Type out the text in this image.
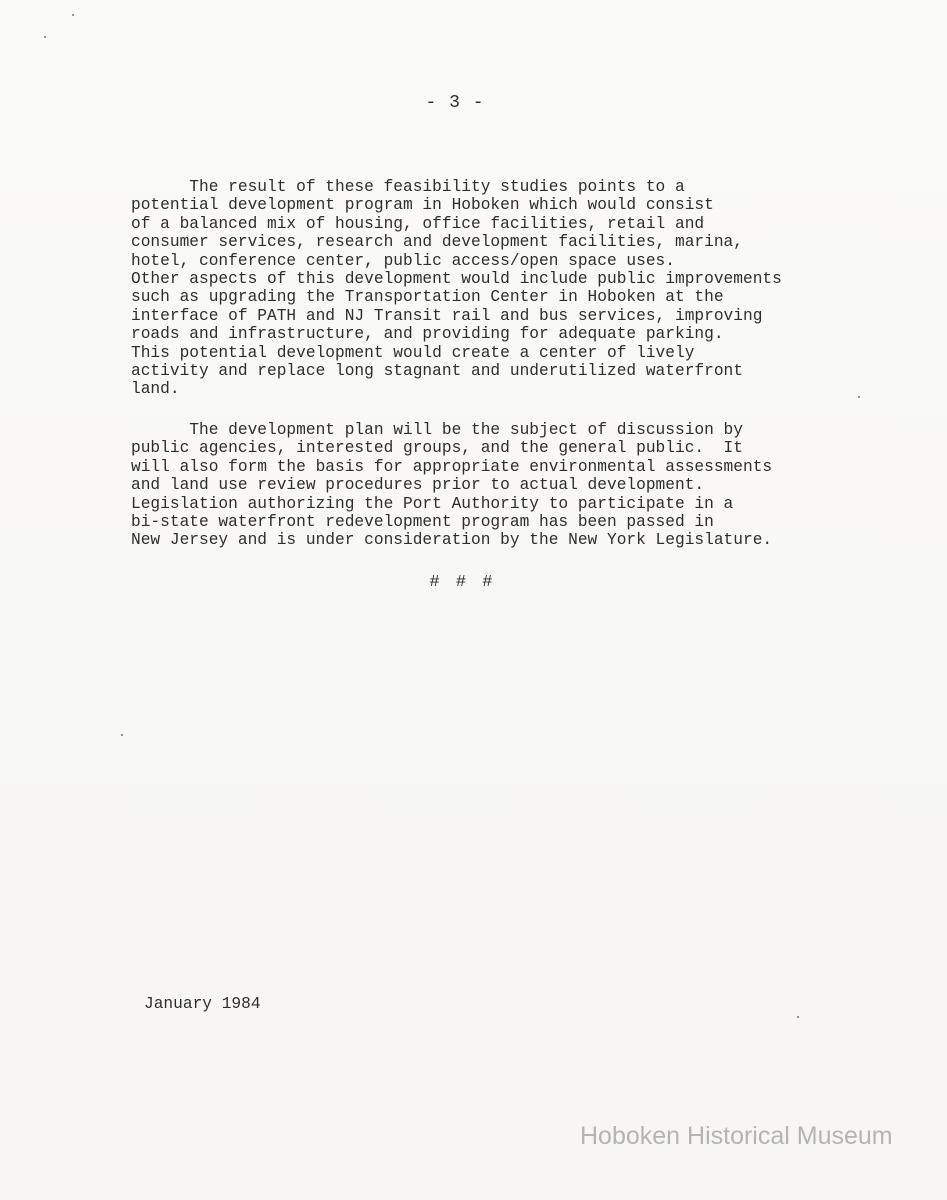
- 3 -
The result of these feasibility studies points to a
potential development program in Hoboken which would consist
of a balanced mix of housing, office facilities, retail and
consumer services, research and development facilities, marina,
hotel, conference center, public access/open space uses.
Other aspects of this development would include public improvements
such as upgrading the Transportation Center in Hoboken at the
interface of PATH and NJ Transit rail and bus services, improving
roads and infrastructure, and providing for adequate parking.
This potential development would create a center of lively
activity and replace long stagnant and underutilized waterfront
land.
The development plan will be the subject of discussion by
public agencies, interested groups, and the general public.  It
will also form the basis for appropriate environmental assessments
and land use review procedures prior to actual development.
Legislation authorizing the Port Authority to participate in a
bi-state waterfront redevelopment program has been passed in
New Jersey and is under consideration by the New York Legislature.
# # #
January 1984
Hoboken Historical Museum
